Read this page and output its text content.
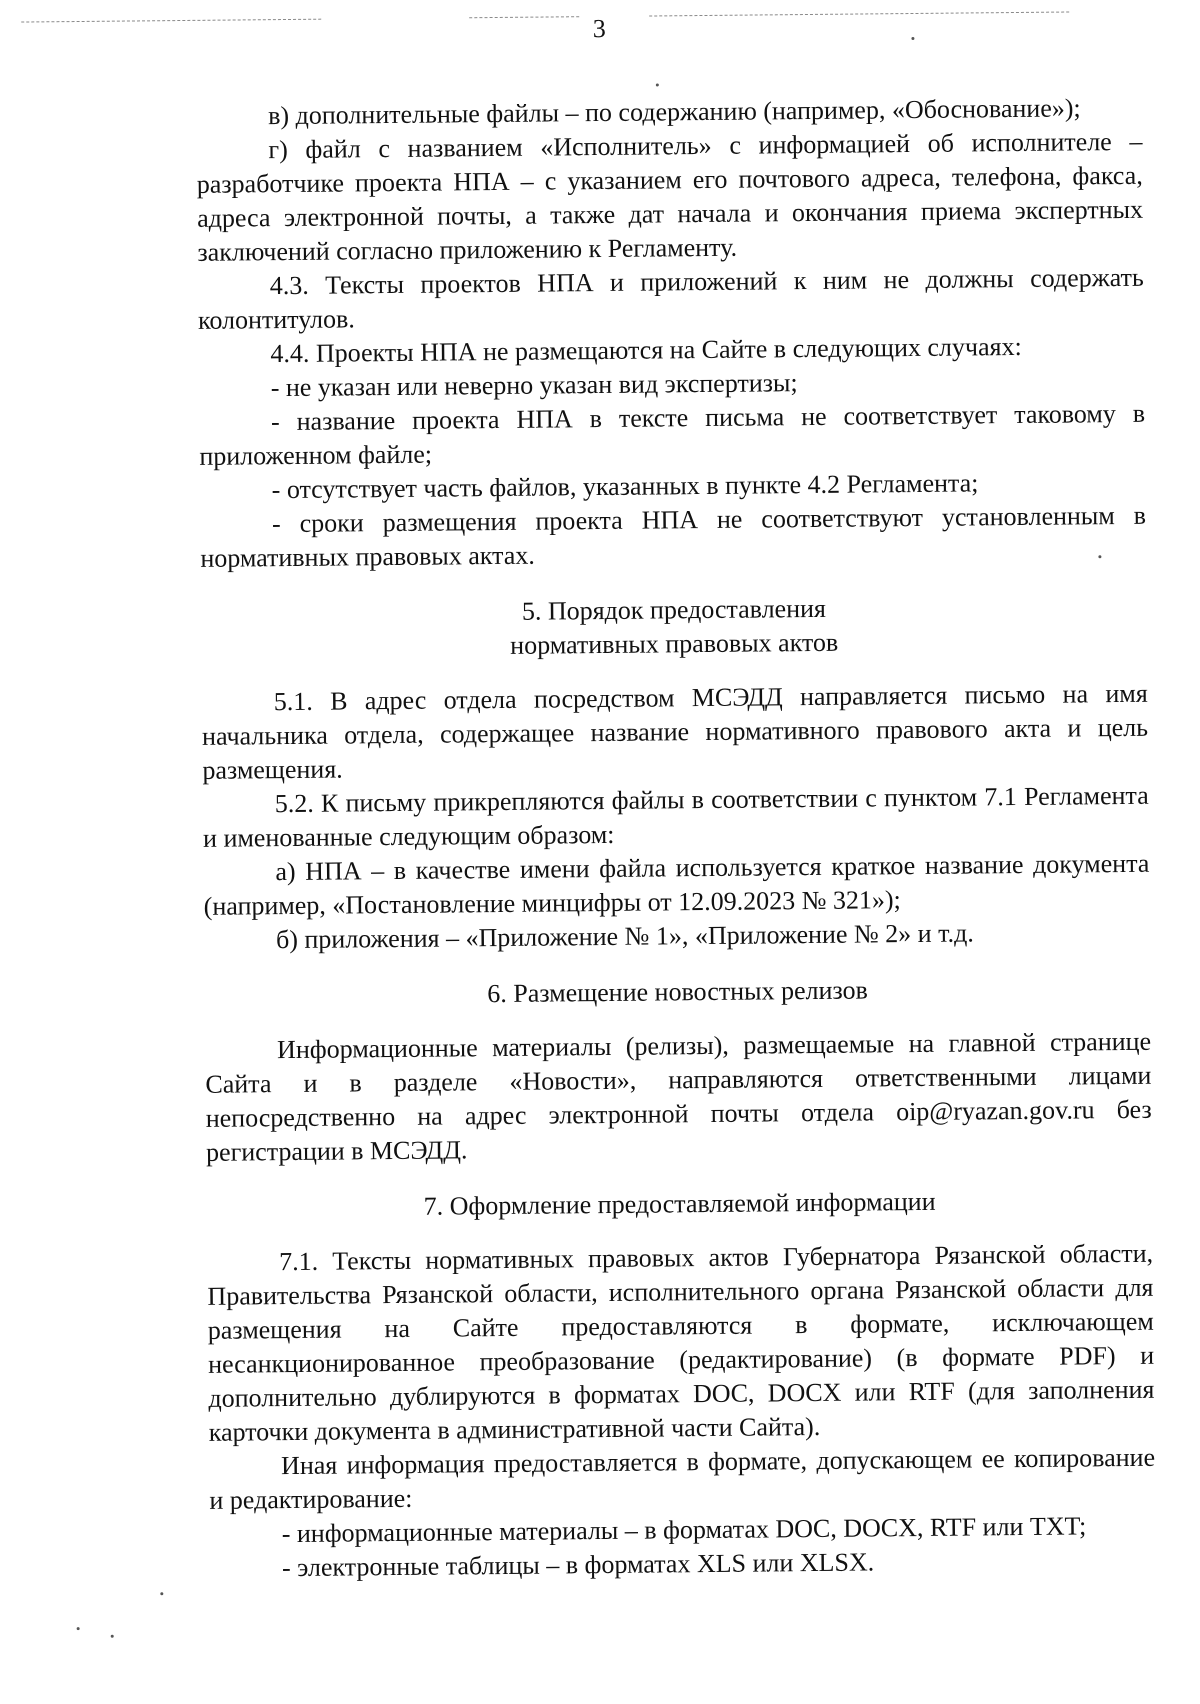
3

в) дополнительные файлы – по содержанию (например, «Обоснование»);

г) файл с названием «Исполнитель» с информацией об исполнителе – разработчике проекта НПА – с указанием его почтового адреса, телефона, факса, адреса электронной почты, а также дат начала и окончания приема экспертных заключений согласно приложению к Регламенту.

4.3. Тексты проектов НПА и приложений к ним не должны содержать колонтитулов.

4.4. Проекты НПА не размещаются на Сайте в следующих случаях:

- не указан или неверно указан вид экспертизы;

- название проекта НПА в тексте письма не соответствует таковому в приложенном файле;

- отсутствует часть файлов, указанных в пункте 4.2 Регламента;

- сроки размещения проекта НПА не соответствуют установленным в нормативных правовых актах.

5. Порядок предоставления

нормативных правовых актов

5.1. В адрес отдела посредством МСЭДД направляется письмо на имя начальника отдела, содержащее название нормативного правового акта и цель размещения.

5.2. К письму прикрепляются файлы в соответствии с пунктом 7.1 Регламента и именованные следующим образом:

а) НПА – в качестве имени файла используется краткое название документа (например, «Постановление минцифры от 12.09.2023 № 321»);

б) приложения – «Приложение № 1», «Приложение № 2» и т.д.

6. Размещение новостных релизов

Информационные материалы (релизы), размещаемые на главной странице Сайта и в разделе «Новости», направляются ответственными лицами непосредственно на адрес электронной почты отдела oip@ryazan.gov.ru без регистрации в МСЭДД.

7. Оформление предоставляемой информации

7.1. Тексты нормативных правовых актов Губернатора Рязанской области, Правительства Рязанской области, исполнительного органа Рязанской области для размещения на Сайте предоставляются в формате, исключающем несанкционированное преобразование (редактирование) (в формате PDF) и дополнительно дублируются в форматах DOC, DOCX или RTF (для заполнения карточки документа в административной части Сайта).

Иная информация предоставляется в формате, допускающем ее копирование и редактирование:

- информационные материалы – в форматах DOC, DOCX, RTF или TXT;

- электронные таблицы – в форматах XLS или XLSX.
